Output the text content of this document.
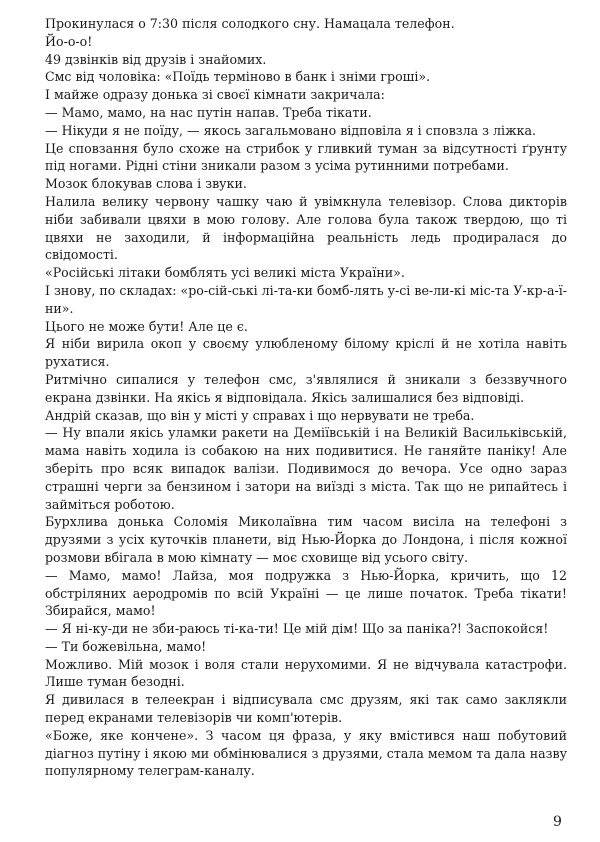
Прокинулася о 7:30 після солодкого сну. Намацала телефон.

Йо-о-о!

49 дзвінків від друзів і знайомих.

Смс від чоловіка: «Поїдь терміново в банк і зніми гроші».

І майже одразу донька зі своєї кімнати закричала:

— Мамо, мамо, на нас путін напав. Треба тікати.

— Нікуди я не поїду, — якось загальмовано відповіла я і сповзла з ліжка.

Це сповзання було схоже на стрибок у гливкий туман за відсутності ґрунту під ногами. Рідні стіни зникали разом з усіма рутинними потребами.

Мозок блокував слова і звуки.

Налила велику червону чашку чаю й увімкнула телевізор. Слова дикторів ніби забивали цвяхи в мою голову. Але голова була також твердою, що ті цвяхи не заходили, й інформаційна реальність ледь продиралася до свідомості.

«Російські літаки бомблять усі великі міста України».

І знову, по складах: «ро-сій-ські лі-та-ки бомб-лять у-сі ве-ли-кі міс-та У-кр-а-ї-ни».

Цього не може бути! Але це є.

Я ніби вирила окоп у своєму улюбленому білому кріслі й не хотіла навіть рухатися.

Ритмічно сипалися у телефон смс, з'являлися й зникали з беззвучного екрана дзвінки. На якісь я відповідала. Якісь залишалися без відповіді.

Андрій сказав, що він у місті у справах і що нервувати не треба.

— Ну впали якісь уламки ракети на Деміївській і на Великій Васильківській, мама навіть ходила із собакою на них подивитися. Не ганяйте паніку! Але зберіть про всяк випадок валізи. Подивимося до вечора. Усе одно зараз страшні черги за бензином і затори на виїзді з міста. Так що не рипайтесь і займіться роботою.

Бурхлива донька Соломія Миколаївна тим часом висіла на телефоні з друзями з усіх куточків планети, від Нью-Йорка до Лондона, і після кожної розмови вбігала в мою кімнату — моє сховище від усього світу.

— Мамо, мамо! Лайза, моя подружка з Нью-Йорка, кричить, що 12 обстріляних аеродромів по всій Україні — це лише початок. Треба тікати! Збирайся, мамо!

— Я ні-ку-ди не зби-раюсь ті-ка-ти! Це мій дім! Що за паніка?! Заспокойся!

— Ти божевільна, мамо!

Можливо. Мій мозок і воля стали нерухомими. Я не відчувала катастрофи. Лише туман безодні.

Я дивилася в телеекран і відписувала смс друзям, які так само заклякли перед екранами телевізорів чи комп'ютерів.

«Боже, яке кончене». З часом ця фраза, у яку вмістився наш побутовий діагноз путіну і якою ми обмінювалися з друзями, стала мемом та дала назву популярному телеграм-каналу.

9
